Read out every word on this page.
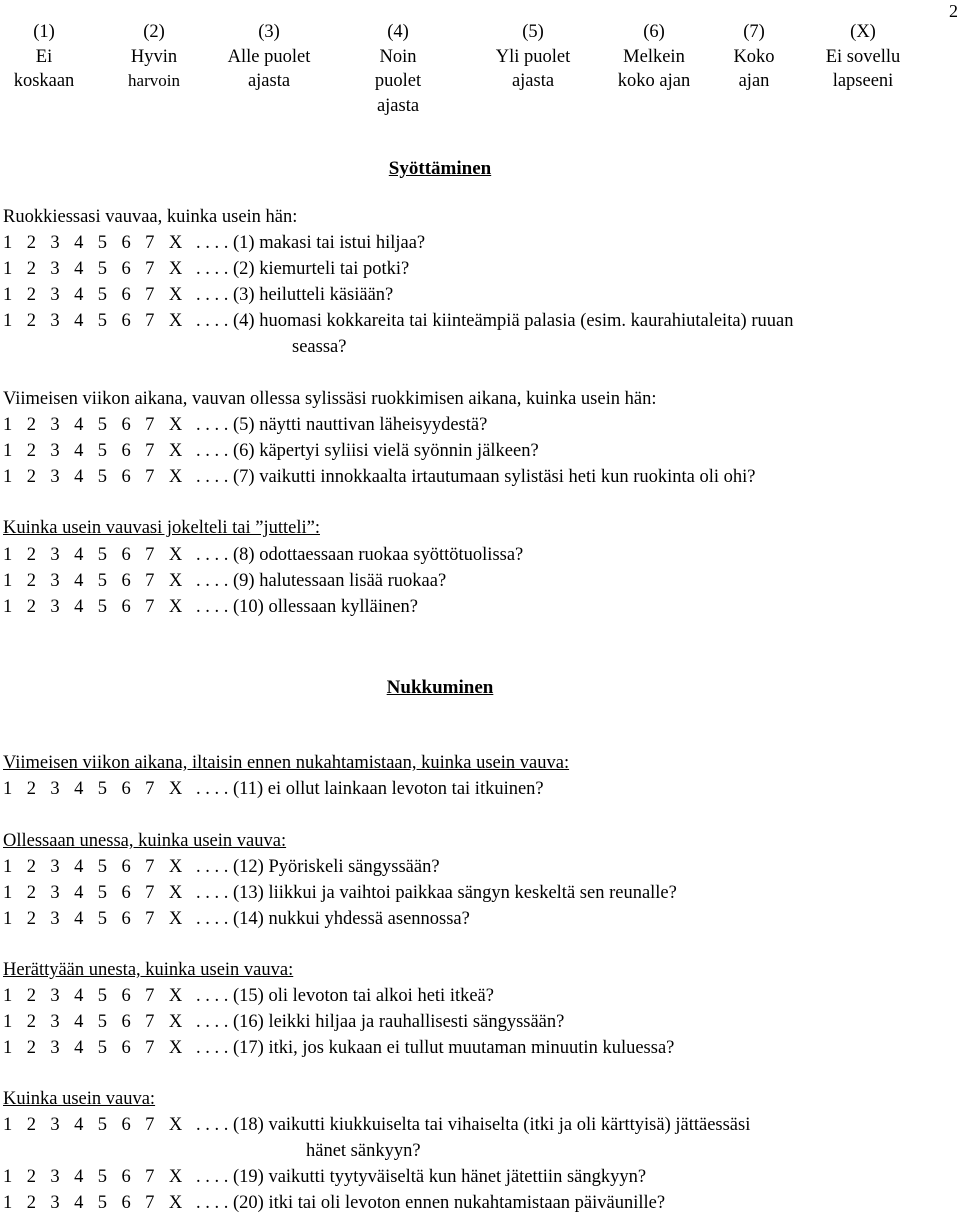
2
(1)
Ei
koskaan
(2)
Hyvin
harvoin
(3)
Alle puolet
ajasta
(4)
Noin
puolet
ajasta
(5)
Yli puolet
ajasta
(6)
Melkein
koko ajan
(7)
Koko
ajan
(X)
Ei sovellu
lapseeni
Syöttäminen
Ruokkiessasi vauvaa, kuinka usein hän:
1 2 3 4 5 6 7 X . . . . (1) makasi tai istui hiljaa?
1 2 3 4 5 6 7 X . . . . (2) kiemurteli tai potki?
1 2 3 4 5 6 7 X . . . . (3) heilutteli käsiään?
1 2 3 4 5 6 7 X . . . . (4) huomasi kokkareita tai kiinteämpiä palasia (esim. kaurahiutaleita) ruuan
seassa?
Viimeisen viikon aikana, vauvan ollessa sylissäsi ruokkimisen aikana, kuinka usein hän:
1 2 3 4 5 6 7 X . . . . (5) näytti nauttivan läheisyydestä?
1 2 3 4 5 6 7 X . . . . (6) käpertyi syliisi vielä syönnin jälkeen?
1 2 3 4 5 6 7 X . . . . (7) vaikutti innokkaalta irtautumaan sylistäsi heti kun ruokinta oli ohi?
Kuinka usein vauvasi jokelteli tai ”jutteli”:
1 2 3 4 5 6 7 X . . . . (8) odottaessaan ruokaa syöttötuolissa?
1 2 3 4 5 6 7 X . . . . (9) halutessaan lisää ruokaa?
1 2 3 4 5 6 7 X . . . . (10) ollessaan kylläinen?
Nukkuminen
Viimeisen viikon aikana, iltaisin ennen nukahtamistaan, kuinka usein vauva:
1 2 3 4 5 6 7 X . . . . (11) ei ollut lainkaan levoton tai itkuinen?
Ollessaan unessa, kuinka usein vauva:
1 2 3 4 5 6 7 X . . . . (12) Pyöriskeli sängyssään?
1 2 3 4 5 6 7 X . . . . (13) liikkui ja vaihtoi paikkaa sängyn keskeltä sen reunalle?
1 2 3 4 5 6 7 X . . . . (14) nukkui yhdessä asennossa?
Herättyään unesta, kuinka usein vauva:
1 2 3 4 5 6 7 X . . . . (15) oli levoton tai alkoi heti itkeä?
1 2 3 4 5 6 7 X . . . . (16) leikki hiljaa ja rauhallisesti sängyssään?
1 2 3 4 5 6 7 X . . . . (17) itki, jos kukaan ei tullut muutaman minuutin kuluessa?
Kuinka usein vauva:
1 2 3 4 5 6 7 X . . . . (18) vaikutti kiukkuiselta tai vihaiselta (itki ja oli kärttyisä) jättäessäsi
hänet sänkyyn?
1 2 3 4 5 6 7 X . . . . (19) vaikutti tyytyväiseltä kun hänet jätettiin sängkyyn?
1 2 3 4 5 6 7 X . . . . (20) itki tai oli levoton ennen nukahtamistaan päiväunille?
